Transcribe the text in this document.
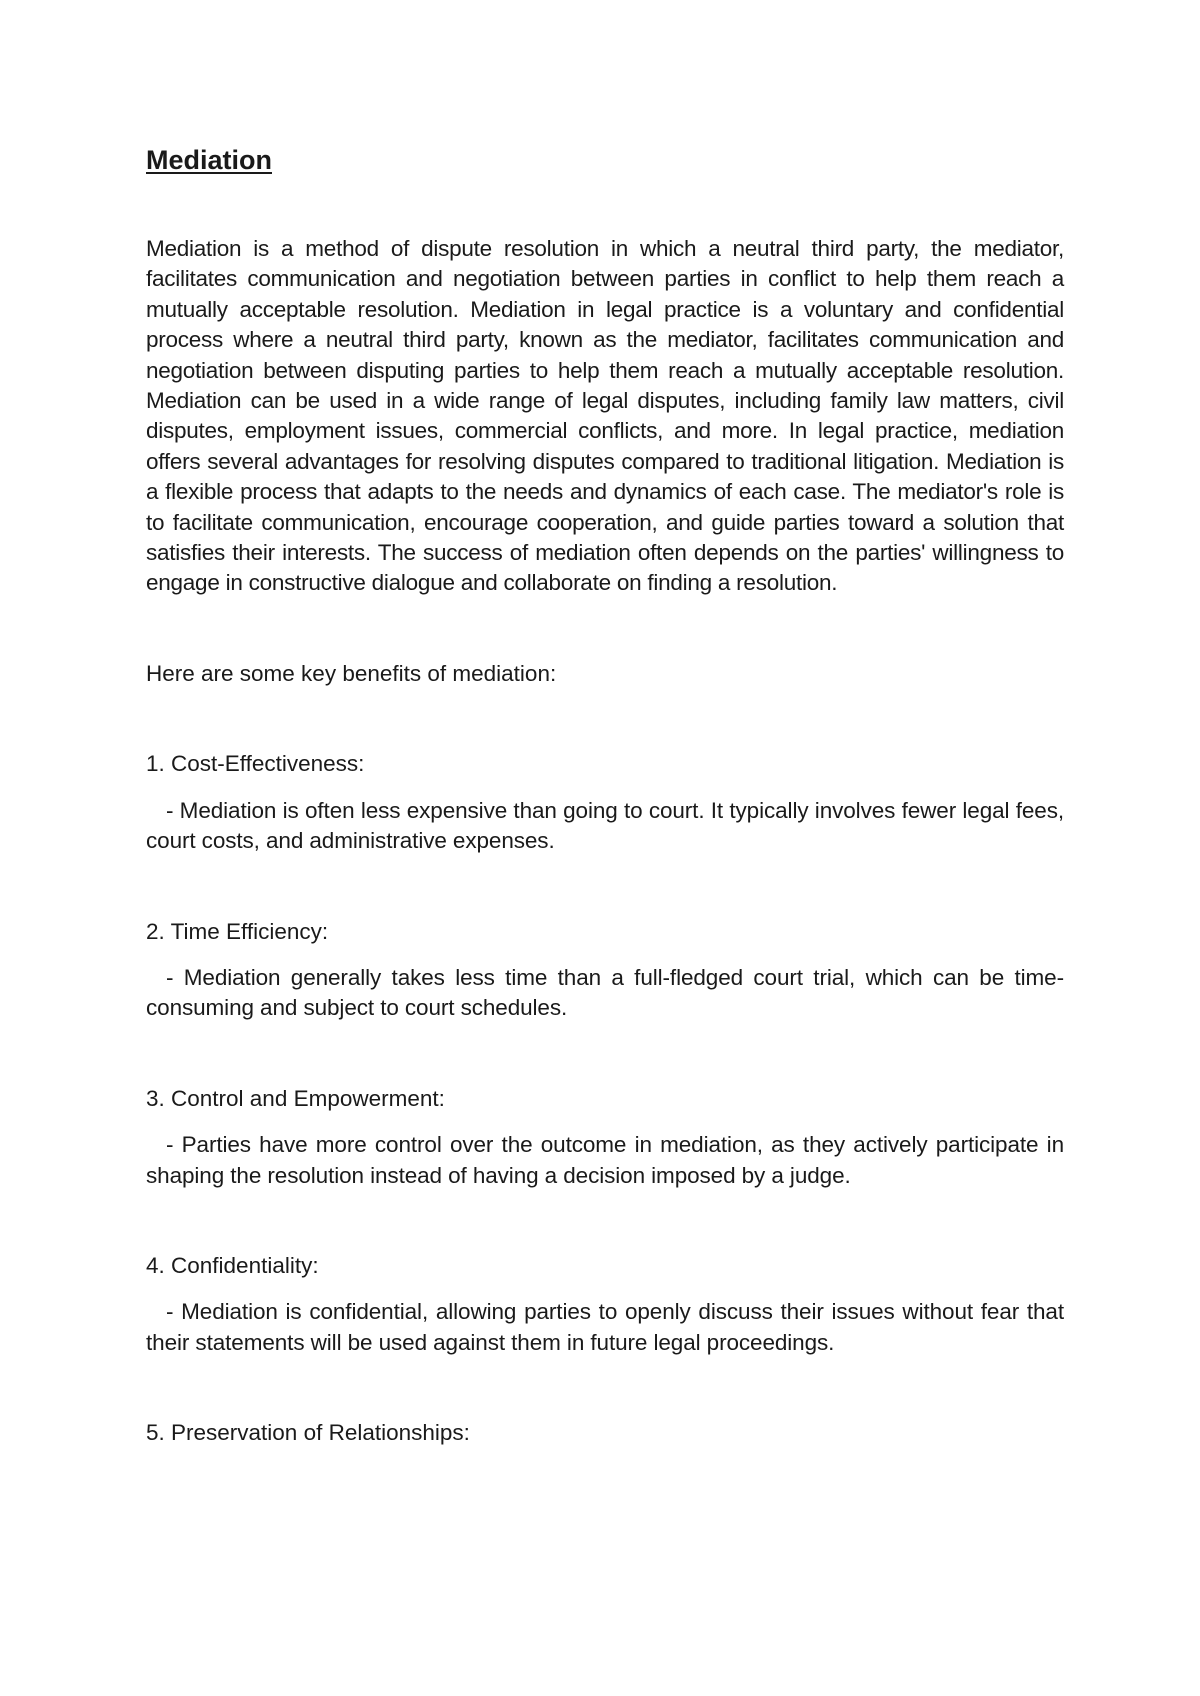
Mediation

Mediation is a method of dispute resolution in which a neutral third party, the mediator, facilitates communication and negotiation between parties in conflict to help them reach a mutually acceptable resolution. Mediation in legal practice is a voluntary and confidential process where a neutral third party, known as the mediator, facilitates communication and negotiation between disputing parties to help them reach a mutually acceptable resolution. Mediation can be used in a wide range of legal disputes, including family law matters, civil disputes, employment issues, commercial conflicts, and more. In legal practice, mediation offers several advantages for resolving disputes compared to traditional litigation. Mediation is a flexible process that adapts to the needs and dynamics of each case. The mediator's role is to facilitate communication, encourage cooperation, and guide parties toward a solution that satisfies their interests. The success of mediation often depends on the parties' willingness to engage in constructive dialogue and collaborate on finding a resolution.

Here are some key benefits of mediation:

1. Cost-Effectiveness:

- Mediation is often less expensive than going to court. It typically involves fewer legal fees, court costs, and administrative expenses.

2. Time Efficiency:

- Mediation generally takes less time than a full-fledged court trial, which can be time-consuming and subject to court schedules.

3. Control and Empowerment:

- Parties have more control over the outcome in mediation, as they actively participate in shaping the resolution instead of having a decision imposed by a judge.

4. Confidentiality:

- Mediation is confidential, allowing parties to openly discuss their issues without fear that their statements will be used against them in future legal proceedings.

5. Preservation of Relationships:
